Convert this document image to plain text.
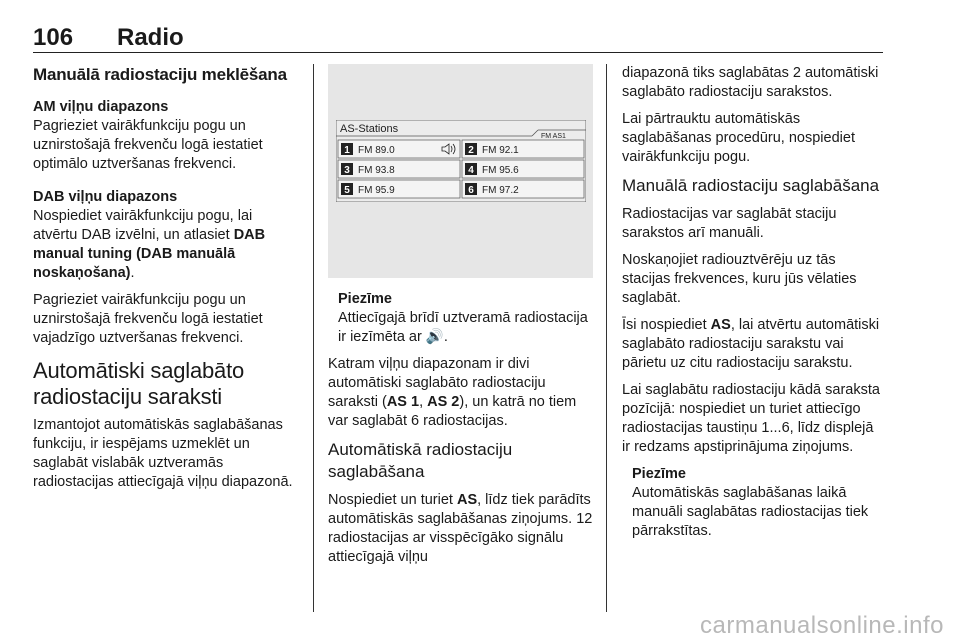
106 Radio
Manuālā radiostaciju meklēšana
AM viļņu diapazons

Pagrieziet vairākfunkciju pogu un uznirstošajā frekvenču logā iestatiet optimālo uztveršanas frekvenci.

DAB viļņu diapazons

Nospiediet vairākfunkciju pogu, lai atvērtu DAB izvēlni, un atlasiet DAB manual tuning (DAB manuālā noskaņošana).

Pagrieziet vairākfunkciju pogu un uznirstošajā frekvenču logā iestatiet vajadzīgo uztveršanas frekvenci.

Automātiski saglabāto radiostaciju saraksti

Izmantojot automātiskās saglabāšanas funkciju, ir iespējams uzmeklēt un saglabāt vislabāk uztveramās radiostacijas attiecīgajā viļņu diapazonā.

AS-Stations
FM AS1
1 FM 89.0	2 FM 92.1
3 FM 93.8	4 FM 95.6
5 FM 95.9	6 FM 97.2
Piezīme
Attiecīgajā brīdī uztveramā radiostacija ir iezīmēta ar 🔊.

Katram viļņu diapazonam ir divi automātiski saglabāto radiostaciju saraksti (AS 1, AS 2), un katrā no tiem var saglabāt 6 radiostacijas.

Automātiskā radiostaciju saglabāšana

Nospiediet un turiet AS, līdz tiek parādīts automātiskās saglabāšanas ziņojums. 12 radiostacijas ar visspēcīgāko signālu attiecīgajā viļņu

diapazonā tiks saglabātas 2 automātiski saglabāto radiostaciju sarakstos.

Lai pārtrauktu automātiskās saglabāšanas procedūru, nospiediet vairākfunkciju pogu.

Manuālā radiostaciju saglabāšana

Radiostacijas var saglabāt staciju sarakstos arī manuāli.

Noskaņojiet radiouztvērēju uz tās stacijas frekvences, kuru jūs vēlaties saglabāt.

Īsi nospiediet AS, lai atvērtu automātiski saglabāto radiostaciju sarakstu vai pārietu uz citu radiostaciju sarakstu.

Lai saglabātu radiostaciju kādā saraksta pozīcijā: nospiediet un turiet attiecīgo radiostacijas taustiņu 1...6, līdz displejā ir redzams apstiprinājuma ziņojums.

Piezīme
Automātiskās saglabāšanas laikā manuāli saglabātas radiostacijas tiek pārrakstītas.
carmanualsonline.info
